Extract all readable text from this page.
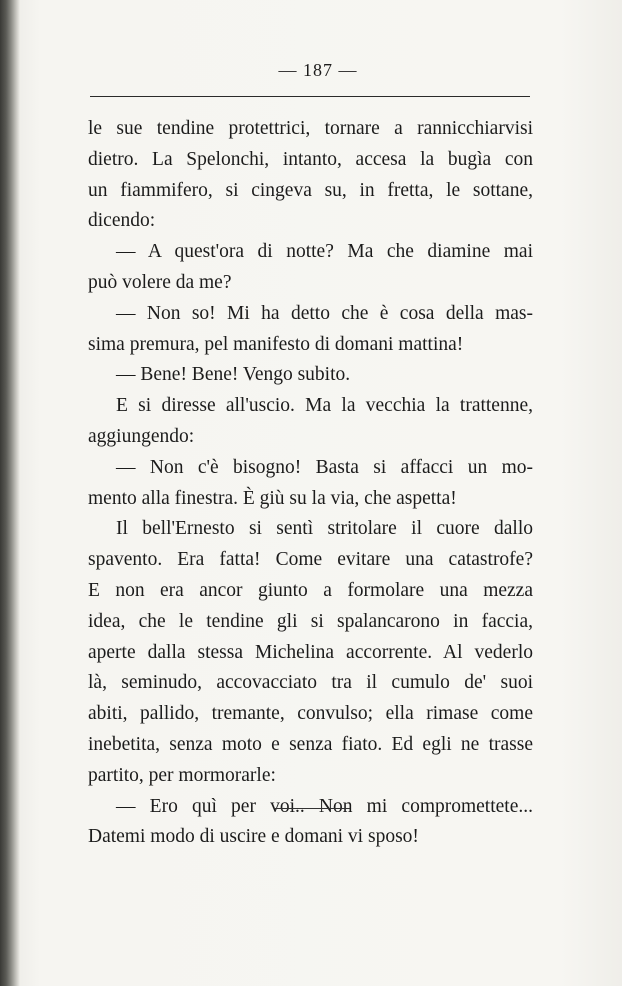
— 187 —
le sue tendine protettrici, tornare a rannicchiarvisi
dietro. La Spelonchi, intanto, accesa la bugìa con
un fiammifero, si cingeva su, in fretta, le sottane,
dicendo:
— A quest'ora di notte? Ma che diamine mai
può volere da me?
— Non so! Mi ha detto che è cosa della mas-
sima premura, pel manifesto di domani mattina!
— Bene! Bene! Vengo subito.
E si diresse all'uscio. Ma la vecchia la trattenne,
aggiungendo:
— Non c'è bisogno! Basta si affacci un mo-
mento alla finestra. È giù su la via, che aspetta!
Il bell'Ernesto si sentì stritolare il cuore dallo
spavento. Era fatta! Come evitare una catastrofe?
E non era ancor giunto a formolare una mezza
idea, che le tendine gli si spalancarono in faccia,
aperte dalla stessa Michelina accorrente. Al vederlo
là, seminudo, accovacciato tra il cumulo de' suoi
abiti, pallido, tremante, convulso; ella rimase come
inebetita, senza moto e senza fiato. Ed egli ne trasse
partito, per mormorarle:
— Ero quì per voi.. Non mi compromettete...
Datemi modo di uscire e domani vi sposo!
